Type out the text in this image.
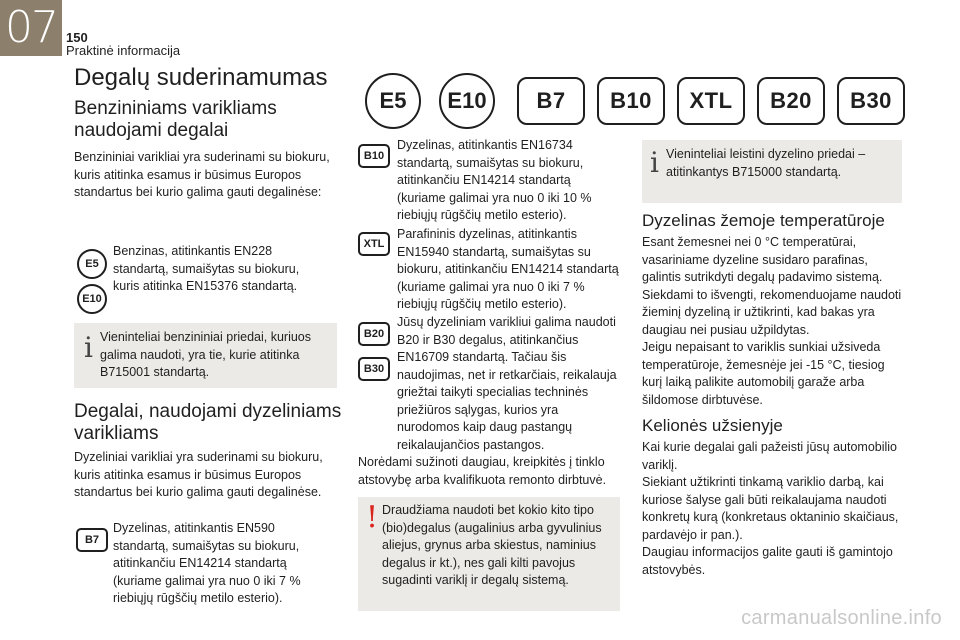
07 150
Praktinė informacija
Degalų suderinamumas
Benzininiams varikliams naudojami degalai

Benzininiai varikliai yra suderinami su biokuru, kuris atitinka esamus ir būsimus Europos standartus bei kurio galima gauti degalinėse:

E5
E10

Benzinas, atitinkantis EN228 standartą, sumaišytas su biokuru, kuris atitinka EN15376 standartą.

i Vieninteliai benzininiai priedai, kuriuos galima naudoti, yra tie, kurie atitinka B715001 standartą.

Degalai, naudojami dyzeliniams varikliams

Dyzeliniai varikliai yra suderinami su biokuru, kuris atitinka esamus ir būsimus Europos standartus bei kurio galima gauti degalinėse.

B7

Dyzelinas, atitinkantis EN590 standartą, sumaišytas su biokuru, atitinkančiu EN14214 standartą (kuriame galimai yra nuo 0 iki 7 % riebiųjų rūgščių metilo esterio).

E5	E10	B7	B10	XTL	B20	B30
B10

Dyzelinas, atitinkantis EN16734 standartą, sumaišytas su biokuru, atitinkančiu EN14214 standartą (kuriame galimai yra nuo 0 iki 10 % riebiųjų rūgščių metilo esterio).

XTL

Parafininis dyzelinas, atitinkantis EN15940 standartą, sumaišytas su biokuru, atitinkančiu EN14214 standartą (kuriame galimai yra nuo 0 iki 7 % riebiųjų rūgščių metilo esterio).

B20
B30

Jūsų dyzeliniam varikliui galima naudoti B20 ir B30 degalus, atitinkančius EN16709 standartą. Tačiau šis naudojimas, net ir retkarčiais, reikalauja griežtai taikyti specialias techninės priežiūros sąlygas, kurios yra nurodomos kaip daug pastangų reikalaujančios pastangos.

Norėdami sužinoti daugiau, kreipkitės į tinklo atstovybę arba kvalifikuota remonto dirbtuvė.

! Draudžiama naudoti bet kokio kito tipo (bio)degalus (augalinius arba gyvulinius aliejus, grynus arba skiestus, naminius degalus ir kt.), nes gali kilti pavojus sugadinti variklį ir degalų sistemą.

i Vieninteliai leistini dyzelino priedai – atitinkantys B715000 standartą.

Dyzelinas žemoje temperatūroje

Esant žemesnei nei 0 °C temperatūrai, vasariniame dyzeline susidaro parafinas, galintis sutrikdyti degalų padavimo sistemą. Siekdami to išvengti, rekomenduojame naudoti žieminį dyzeliną ir užtikrinti, kad bakas yra daugiau nei pusiau užpildytas.
Jeigu nepaisant to variklis sunkiai užsiveda temperatūroje, žemesnėje jei -15 °C, tiesiog kurį laiką palikite automobilį garaže arba šildomose dirbtuvėse.

Kelionės užsienyje

Kai kurie degalai gali pažeisti jūsų automobilio variklį.
Siekiant užtikrinti tinkamą variklio darbą, kai kuriose šalyse gali būti reikalaujama naudoti konkretų kurą (konkretaus oktaninio skaičiaus, pardavėjo ir pan.).
Daugiau informacijos galite gauti iš gamintojo atstovybės.

carmanualsonline.info
